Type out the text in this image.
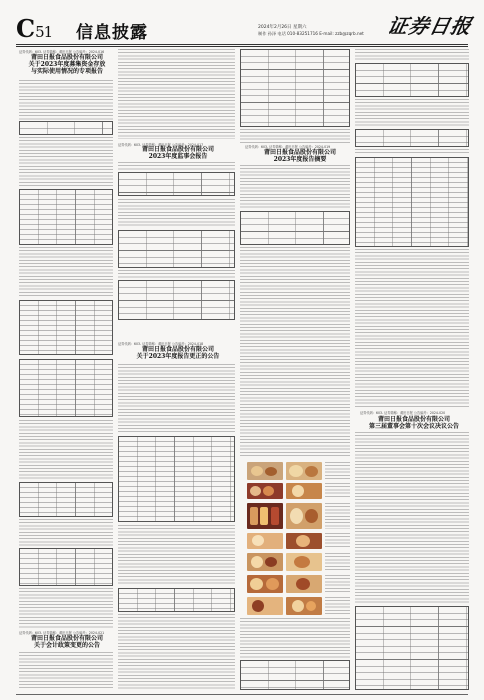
C51 信息披露	2024年2月26日 星期六
制作 孙泽 电话 010-83251716 E-mail: zzb@zqrb.net 证券日报
证券代码：603- 证券简称：莆田日报 公告编号：2024-016
莆田日报食品股份有限公司
关于2023年度募集资金存放
与实际使用情况的专项报告
证券代码：603- 证券简称：莆田日报 公告编号：2024-021
莆田日报食品股份有限公司
关于会计政策变更的公告
证券代码：603- 证券简称：莆田日报 公告编号：2024-017
莆田日报食品股份有限公司
2023年度监事会报告
证券代码：603- 证券简称：莆田日报 公告编号：2024-018
莆田日报食品股份有限公司
关于2023年度报告更正的公告
证券代码：603- 证券简称：莆田日报 公告编号：2024-019
莆田日报食品股份有限公司
2023年度报告摘要
证券代码：603- 证券简称：莆田日报 公告编号：2024-020
莆田日报食品股份有限公司
第三届董事会第十次会议决议公告
